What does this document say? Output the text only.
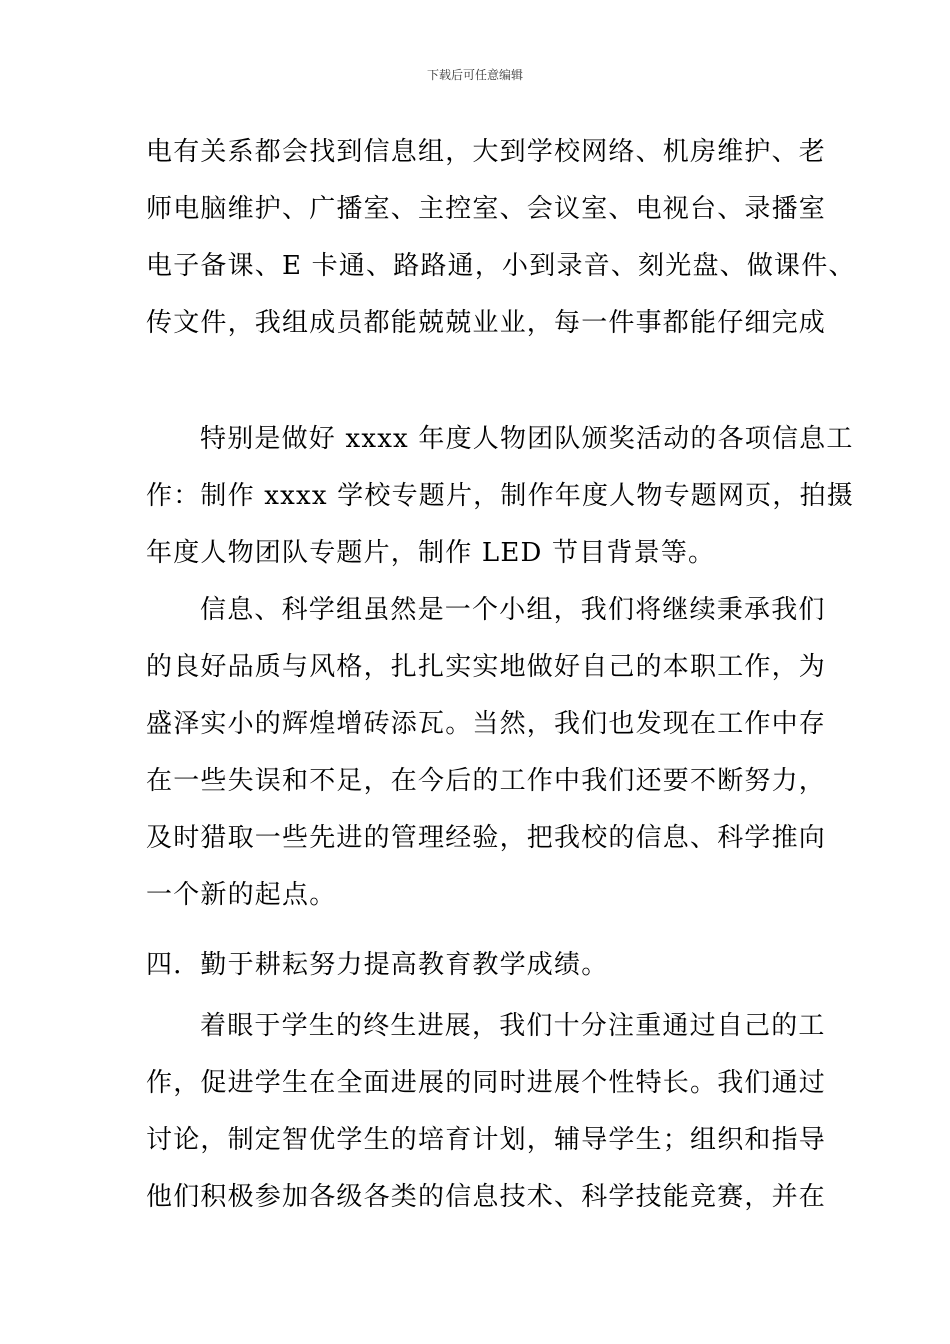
下载后可任意编辑
电有关系都会找到信息组，大到学校网络、机房维护、老
师电脑维护、广播室、主控室、会议室、电视台、录播室
电子备课、E 卡通、路路通，小到录音、刻光盘、做课件、
传文件，我组成员都能兢兢业业，每一件事都能仔细完成
特别是做好 xxxx 年度人物团队颁奖活动的各项信息工
作：制作 xxxx 学校专题片，制作年度人物专题网页，拍摄
年度人物团队专题片，制作 LED 节目背景等。
信息、科学组虽然是一个小组，我们将继续秉承我们
的良好品质与风格，扎扎实实地做好自己的本职工作，为
盛泽实小的辉煌增砖添瓦。当然，我们也发现在工作中存
在一些失误和不足，在今后的工作中我们还要不断努力，
及时猎取一些先进的管理经验，把我校的信息、科学推向
一个新的起点。
四．勤于耕耘努力提高教育教学成绩。
着眼于学生的终生进展，我们十分注重通过自己的工
作，促进学生在全面进展的同时进展个性特长。我们通过
讨论，制定智优学生的培育计划，辅导学生；组织和指导
他们积极参加各级各类的信息技术、科学技能竞赛，并在
